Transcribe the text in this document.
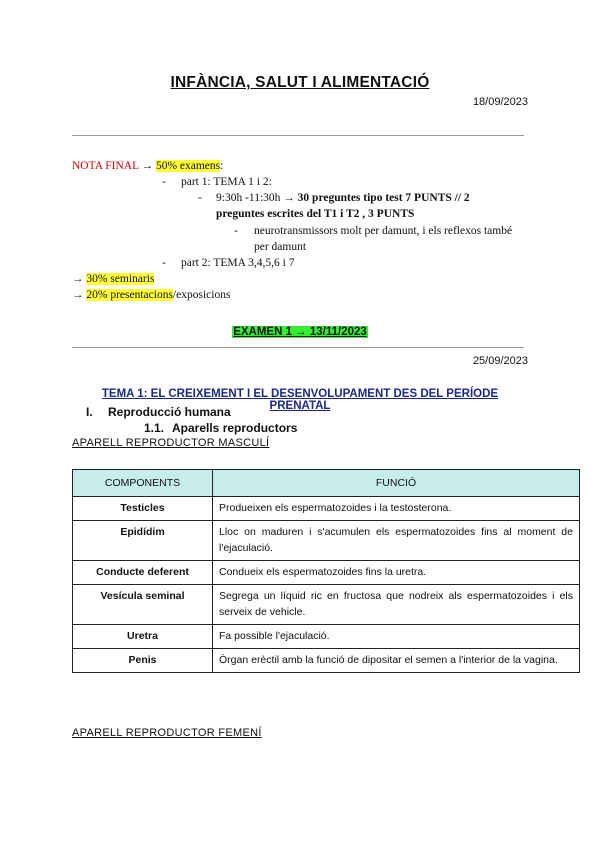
INFÀNCIA, SALUT I ALIMENTACIÓ
18/09/2023
NOTA FINAL → 50% examens:
- part 1: TEMA 1 i 2:
- 9:30h -11:30h → 30 preguntes tipo test 7 PUNTS // 2
preguntes escrites del T1 i T2 , 3 PUNTS
- neurotransmissors molt per damunt, i els reflexos també
per damunt
- part 2: TEMA 3,4,5,6 i 7
→ 30% seminaris
→ 20% presentacions/exposicions
EXAMEN 1 → 13/11/2023
25/09/2023
TEMA 1: EL CREIXEMENT I EL DESENVOLUPAMENT DES DEL PERÍODE PRENATAL
I. Reproducció humana
1.1. Aparells reproductors
APARELL REPRODUCTOR MASCULÍ
COMPONENTS	FUNCIÓ
Testicles	Produeixen els espermatozoides i la testosterona.
Epidídim	Lloc on maduren i s'acumulen els espermatozoides fins al moment de l'ejaculació.
Conducte deferent	Condueix els espermatozoides fins la uretra.
Vesícula seminal	Segrega un líquid ric en fructosa que nodreix als espermatozoides i els serveix de vehicle.
Uretra	Fa possible l'ejaculació.
Penis	Òrgan erèctil amb la funció de dipositar el semen a l'interior de la vagina.
APARELL REPRODUCTOR FEMENÍ
